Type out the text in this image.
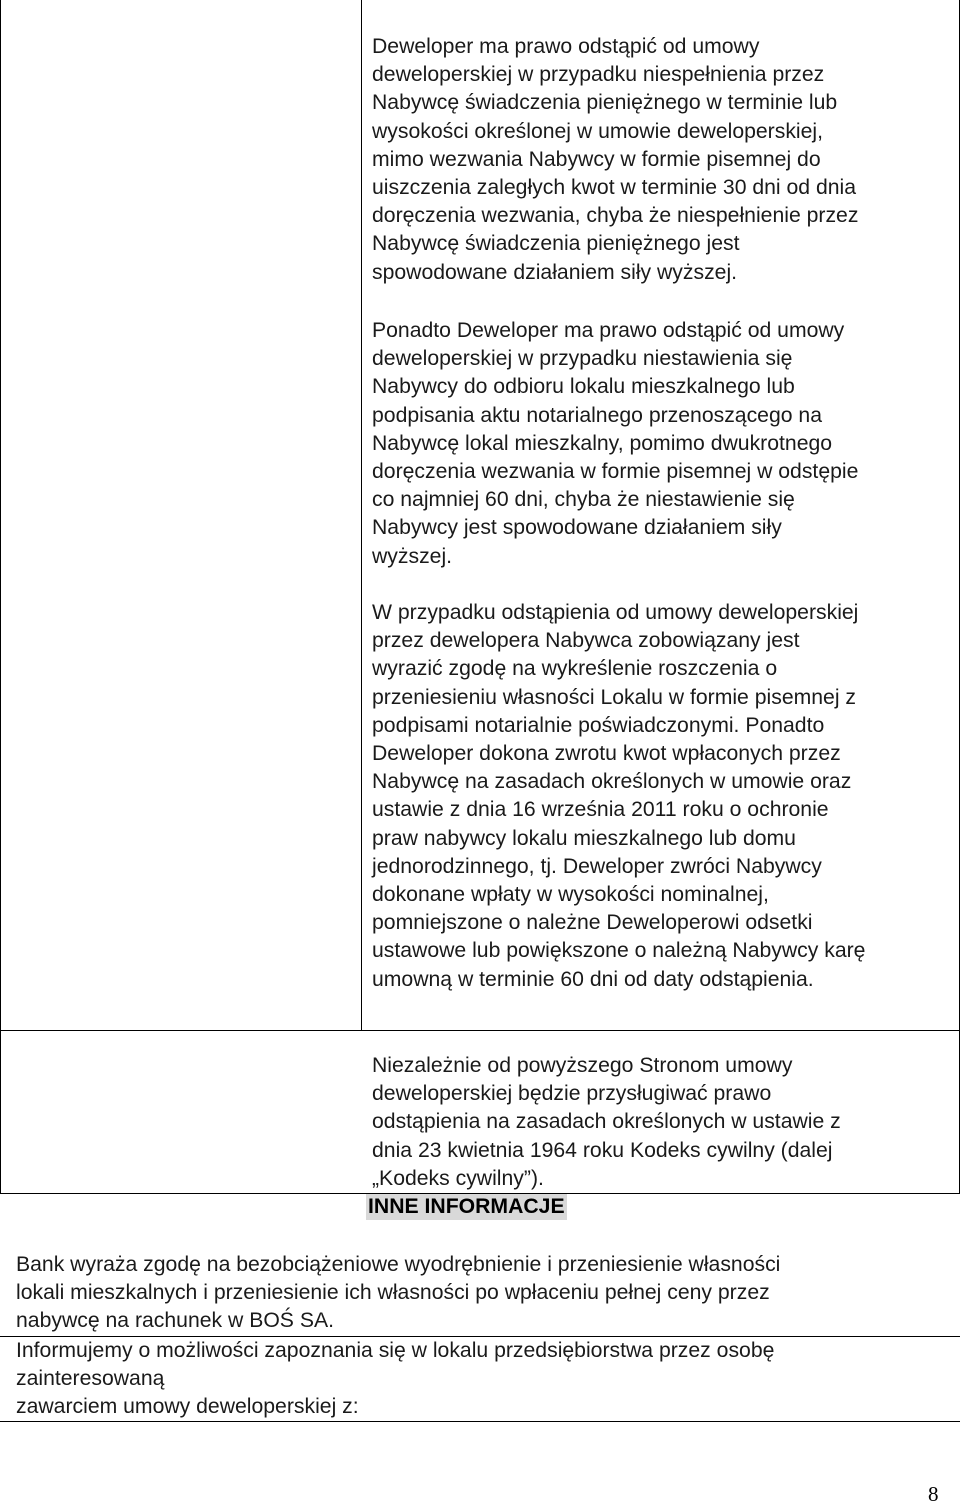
Deweloper ma prawo odstąpić od umowy
deweloperskiej w przypadku niespełnienia przez
Nabywcę świadczenia pieniężnego w terminie lub
wysokości określonej w umowie deweloperskiej,
mimo wezwania Nabywcy w formie pisemnej do
uiszczenia zaległych kwot w terminie 30 dni od dnia
doręczenia wezwania, chyba że niespełnienie przez
Nabywcę świadczenia pieniężnego jest
spowodowane działaniem siły wyższej.

Ponadto Deweloper ma prawo odstąpić od umowy
deweloperskiej w przypadku niestawienia się
Nabywcy do odbioru lokalu mieszkalnego lub
podpisania aktu notarialnego przenoszącego na
Nabywcę lokal mieszkalny, pomimo dwukrotnego
doręczenia wezwania w formie pisemnej w odstępie
co najmniej 60 dni, chyba że niestawienie się
Nabywcy jest spowodowane działaniem siły
wyższej.

W przypadku odstąpienia od umowy deweloperskiej
przez dewelopera Nabywca zobowiązany jest
wyrazić zgodę na wykreślenie roszczenia o
przeniesieniu własności Lokalu w formie pisemnej z
podpisami notarialnie poświadczonymi. Ponadto
Deweloper dokona zwrotu kwot wpłaconych przez
Nabywcę na zasadach określonych w umowie oraz
ustawie z dnia 16 września 2011 roku o ochronie
praw nabywcy lokalu mieszkalnego lub domu
jednorodzinnego, tj. Deweloper zwróci Nabywcy
dokonane wpłaty w wysokości nominalnej,
pomniejszone o należne Deweloperowi odsetki
ustawowe lub powiększone o należną Nabywcy karę
umowną w terminie 60 dni od daty odstąpienia.

Niezależnie od powyższego Stronom umowy
deweloperskiej będzie przysługiwać prawo
odstąpienia na zasadach określonych w ustawie z
dnia 23 kwietnia 1964 roku Kodeks cywilny (dalej
„Kodeks cywilny”).

INNE INFORMACJE
Bank wyraża zgodę na bezobciążeniowe wyodrębnienie i przeniesienie własności
lokali mieszkalnych i przeniesienie ich własności po wpłaceniu pełnej ceny przez
nabywcę na rachunek w BOŚ SA.
Informujemy o możliwości zapoznania się w lokalu przedsiębiorstwa przez osobę
zainteresowaną
zawarciem umowy deweloperskiej z:
8
